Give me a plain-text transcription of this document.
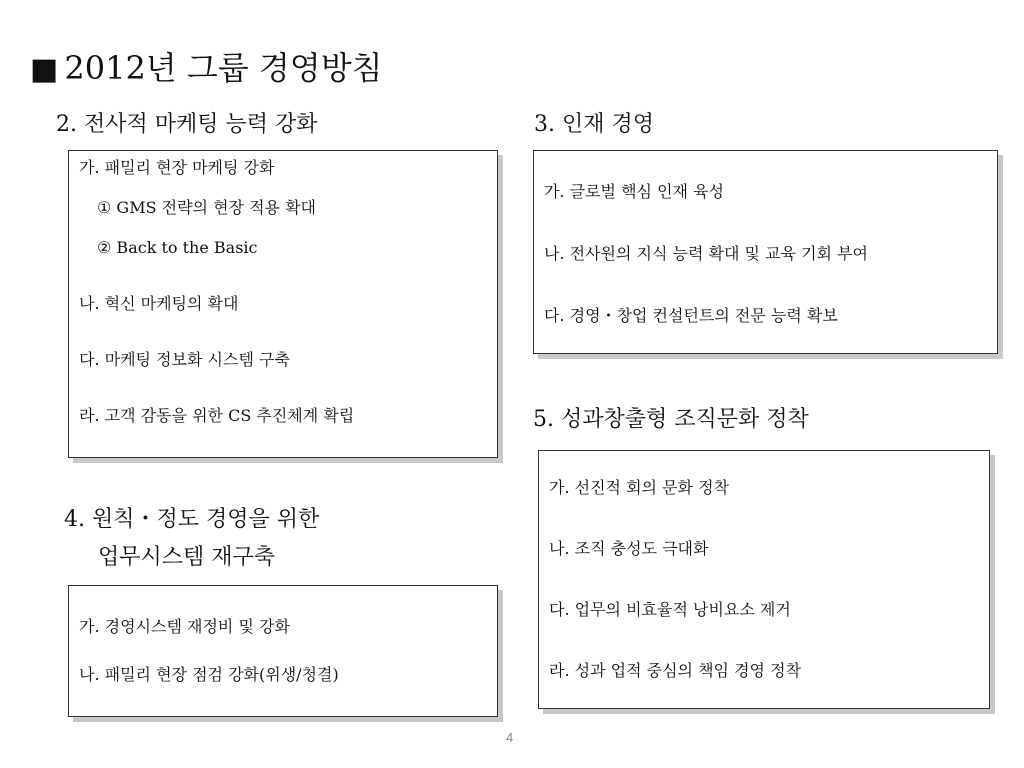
■ 2012년 그룹 경영방침
2. 전사적 마케팅 능력 강화
가. 패밀리 현장 마케팅 강화
① GMS 전략의 현장 적용 확대
② Back to the Basic
나. 혁신 마케팅의 확대
다. 마케팅 정보화 시스템 구축
라. 고객 감동을 위한 CS 추진체계 확립
3. 인재 경영
가. 글로벌 핵심 인재 육성
나. 전사원의 지식 능력 확대 및 교육 기회 부여
다. 경영・창업 컨설턴트의 전문 능력 확보
4. 원칙・정도 경영을 위한
업무시스템 재구축
가. 경영시스템 재정비 및 강화
나. 패밀리 현장 점검 강화(위생/청결)
5. 성과창출형 조직문화 정착
가. 선진적 회의 문화 정착
나. 조직 충성도 극대화
다. 업무의 비효율적 낭비요소 제거
라. 성과 업적 중심의 책임 경영 정착
4
